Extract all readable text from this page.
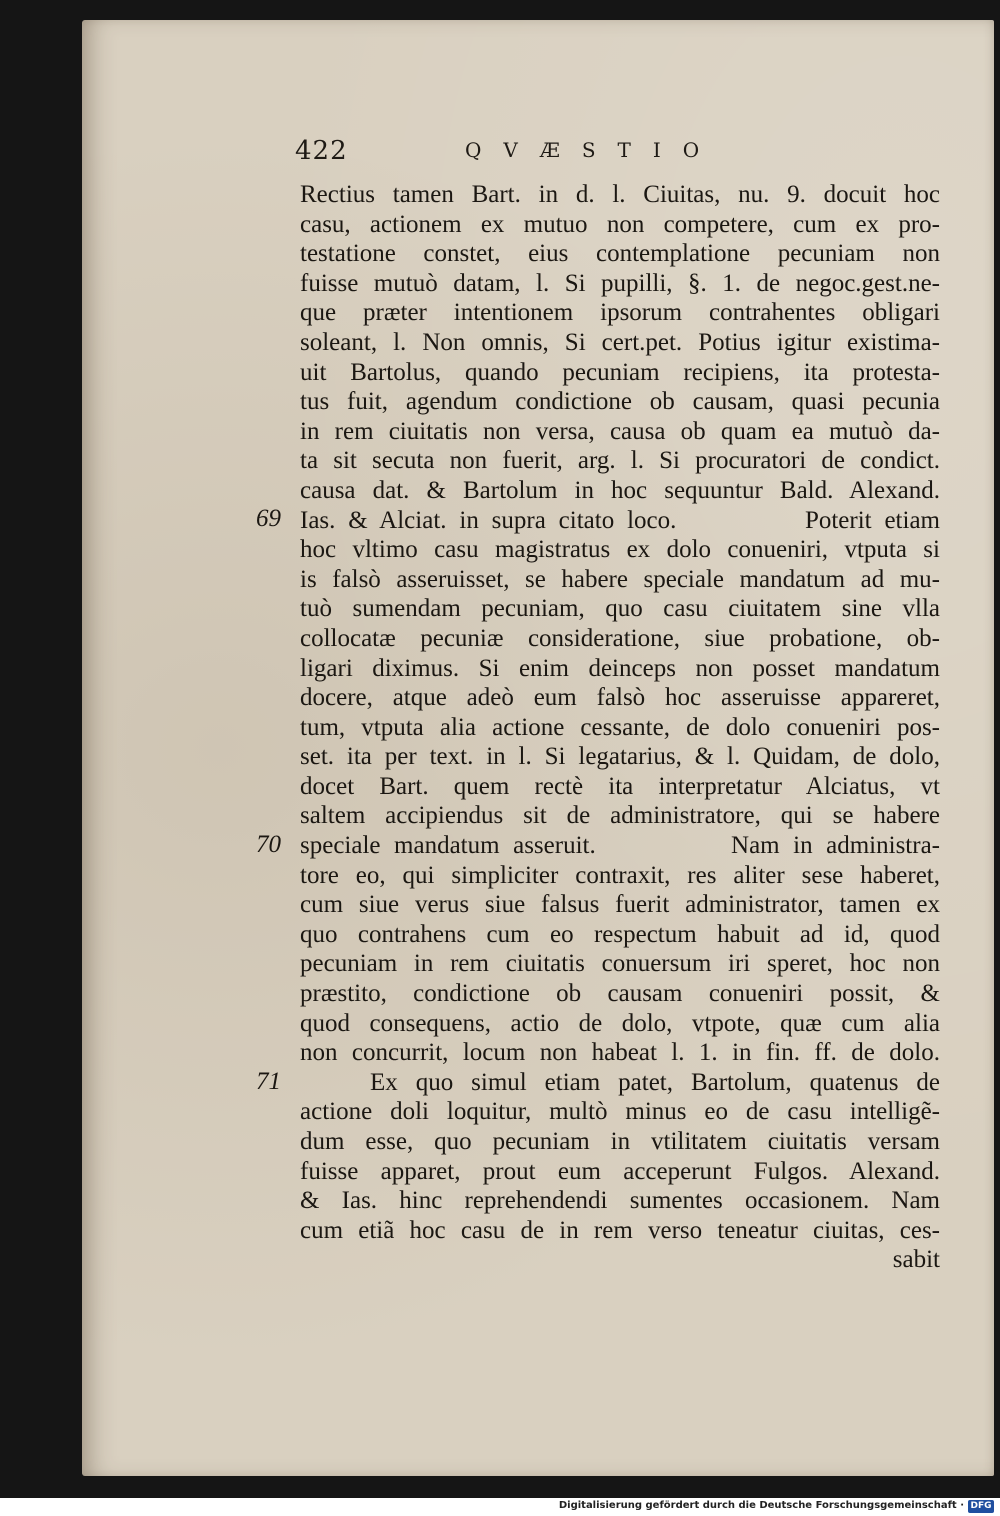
422	QVÆSTIO
69
70
71
Rectius tamen Bart. in d. l. Ciuitas, nu. 9. docuit hoc
casu, actionem ex mutuo non competere, cum ex pro-
testatione constet, eius contemplatione pecuniam non
fuisse mutuò datam, l. Si pupilli, §. 1. de negoc.gest.ne-
que præter intentionem ipsorum contrahentes obligari
soleant, l. Non omnis, Si cert.pet. Potius igitur existima-
uit Bartolus, quando pecuniam recipiens, ita protesta-
tus fuit, agendum condictione ob causam, quasi pecunia
in rem ciuitatis non versa, causa ob quam ea mutuò da-
ta sit secuta non fuerit, arg. l. Si procuratori de condict.
causa dat. & Bartolum in hoc sequuntur Bald. Alexand.
Ias. & Alciat. in supra citato loco.          Poterit etiam
hoc vltimo casu magistratus ex dolo conueniri, vtputa si
is falsò asseruisset, se habere speciale mandatum ad mu-
tuò sumendam pecuniam, quo casu ciuitatem sine vlla
collocatæ pecuniæ consideratione, siue probatione, ob-
ligari diximus. Si enim deinceps non posset mandatum
docere, atque adeò eum falsò hoc asseruisse appareret,
tum, vtputa alia actione cessante, de dolo conueniri pos-
set. ita per text. in l. Si legatarius, & l. Quidam, de dolo,
docet Bart. quem rectè ita interpretatur Alciatus, vt
saltem accipiendus sit de administratore, qui se habere
speciale mandatum asseruit.          Nam in administra-
tore eo, qui simpliciter contraxit, res aliter sese haberet,
cum siue verus siue falsus fuerit administrator, tamen ex
quo contrahens cum eo respectum habuit ad id, quod
pecuniam in rem ciuitatis conuersum iri speret, hoc non
præstito, condictione ob causam conueniri possit, &
quod consequens, actio de dolo, vtpote, quæ cum alia
non concurrit, locum non habeat l. 1. in fin. ff. de dolo.
Ex quo simul etiam patet, Bartolum, quatenus de
actione doli loquitur, multò minus eo de casu intelligẽ-
dum esse, quo pecuniam in vtilitatem ciuitatis versam
fuisse apparet, prout eum acceperunt Fulgos. Alexand.
& Ias. hinc reprehendendi sumentes occasionem. Nam
cum etiã hoc casu de in rem verso teneatur ciuitas, ces-
sabit
Digitalisierung gefördert durch die Deutsche Forschungsgemeinschaft · DFG
